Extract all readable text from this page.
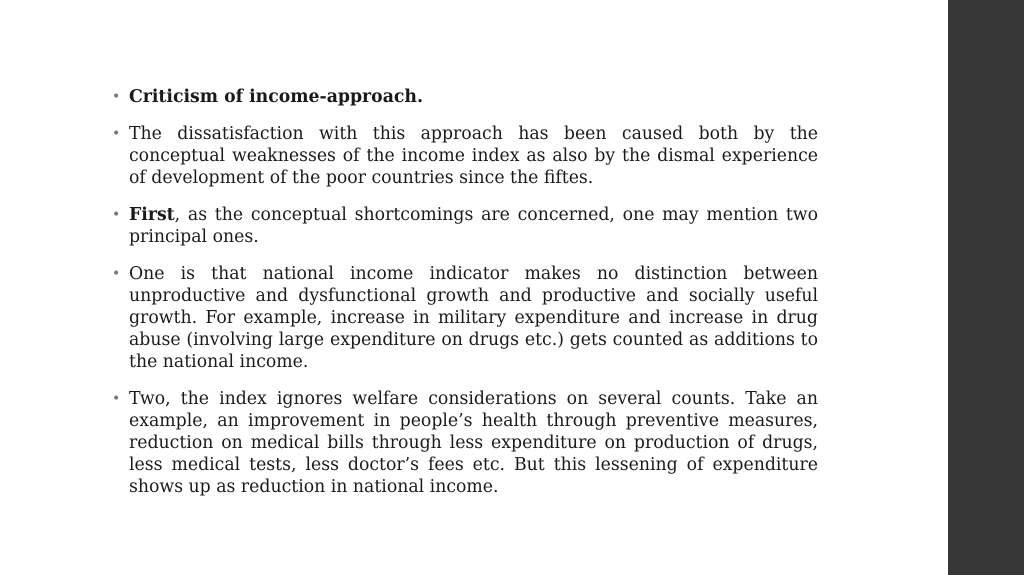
• Criticism of income-approach.
• The dissatisfaction with this approach has been caused both by the conceptual weaknesses of the income index as also by the dismal experience of development of the poor countries since the fiftes.
• First, as the conceptual shortcomings are concerned, one may mention two principal ones.
• One is that national income indicator makes no distinction between unproductive and dysfunctional growth and productive and socially useful growth. For example, increase in military expenditure and increase in drug abuse (involving large expenditure on drugs etc.) gets counted as additions to the national income.
• Two, the index ignores welfare considerations on several counts. Take an example, an improvement in people’s health through preventive measures, reduction on medical bills through less expenditure on production of drugs, less medical tests, less doctor’s fees etc. But this lessening of expenditure shows up as reduction in national income.
